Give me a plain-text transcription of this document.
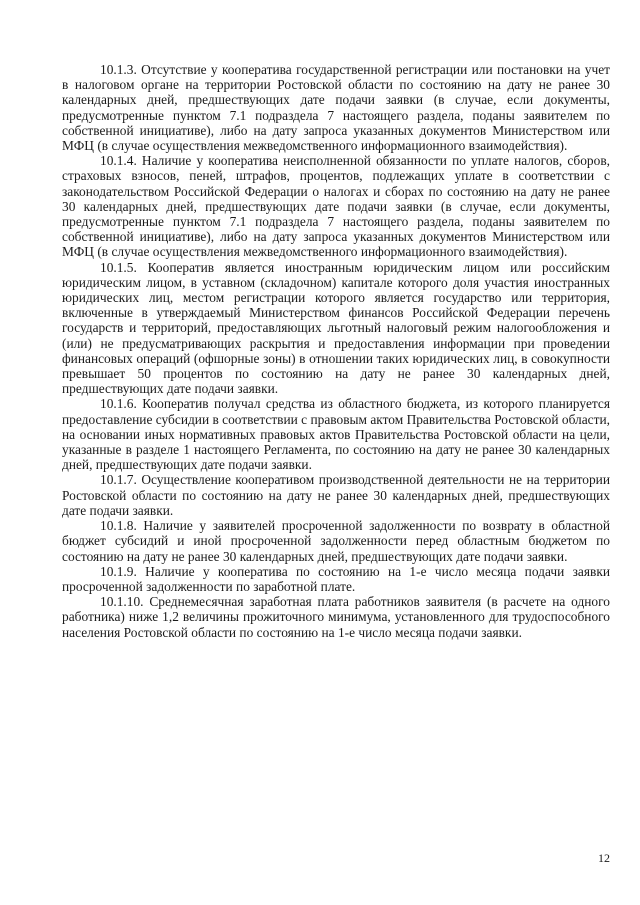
10.1.3. Отсутствие у кооператива государственной регистрации или постановки на учет в налоговом органе на территории Ростовской области по состоянию на дату не ранее 30 календарных дней, предшествующих дате подачи заявки (в случае, если документы, предусмотренные пунктом 7.1 подраздела 7 настоящего раздела, поданы заявителем по собственной инициативе), либо на дату запроса указанных документов Министерством или МФЦ (в случае осуществления межведомственного информационного взаимодействия).

10.1.4. Наличие у кооператива неисполненной обязанности по уплате налогов, сборов, страховых взносов, пеней, штрафов, процентов, подлежащих уплате в соответствии с законодательством Российской Федерации о налогах и сборах по состоянию на дату не ранее 30 календарных дней, предшествующих дате подачи заявки (в случае, если документы, предусмотренные пунктом 7.1 подраздела 7 настоящего раздела, поданы заявителем по собственной инициативе), либо на дату запроса указанных документов Министерством или МФЦ (в случае осуществления межведомственного информационного взаимодействия).

10.1.5. Кооператив является иностранным юридическим лицом или российским юридическим лицом, в уставном (складочном) капитале которого доля участия иностранных юридических лиц, местом регистрации которого является государство или территория, включенные в утверждаемый Министерством финансов Российской Федерации перечень государств и территорий, предоставляющих льготный налоговый режим налогообложения и (или) не предусматривающих раскрытия и предоставления информации при проведении финансовых операций (офшорные зоны) в отношении таких юридических лиц, в совокупности превышает 50 процентов по состоянию на дату не ранее 30 календарных дней, предшествующих дате подачи заявки.

10.1.6. Кооператив получал средства из областного бюджета, из которого планируется предоставление субсидии в соответствии с правовым актом Правительства Ростовской области, на основании иных нормативных правовых актов Правительства Ростовской области на цели, указанные в разделе 1 настоящего Регламента, по состоянию на дату не ранее 30 календарных дней, предшествующих дате подачи заявки.

10.1.7. Осуществление кооперативом производственной деятельности не на территории Ростовской области по состоянию на дату не ранее 30 календарных дней, предшествующих дате подачи заявки.

10.1.8. Наличие у заявителей просроченной задолженности по возврату в областной бюджет субсидий и иной просроченной задолженности перед областным бюджетом по состоянию на дату не ранее 30 календарных дней, предшествующих дате подачи заявки.

10.1.9. Наличие у кооператива по состоянию на 1-е число месяца подачи заявки просроченной задолженности по заработной плате.

10.1.10. Среднемесячная заработная плата работников заявителя (в расчете на одного работника) ниже 1,2 величины прожиточного минимума, установленного для трудоспособного населения Ростовской области по состоянию на 1-е число месяца подачи заявки.

12
